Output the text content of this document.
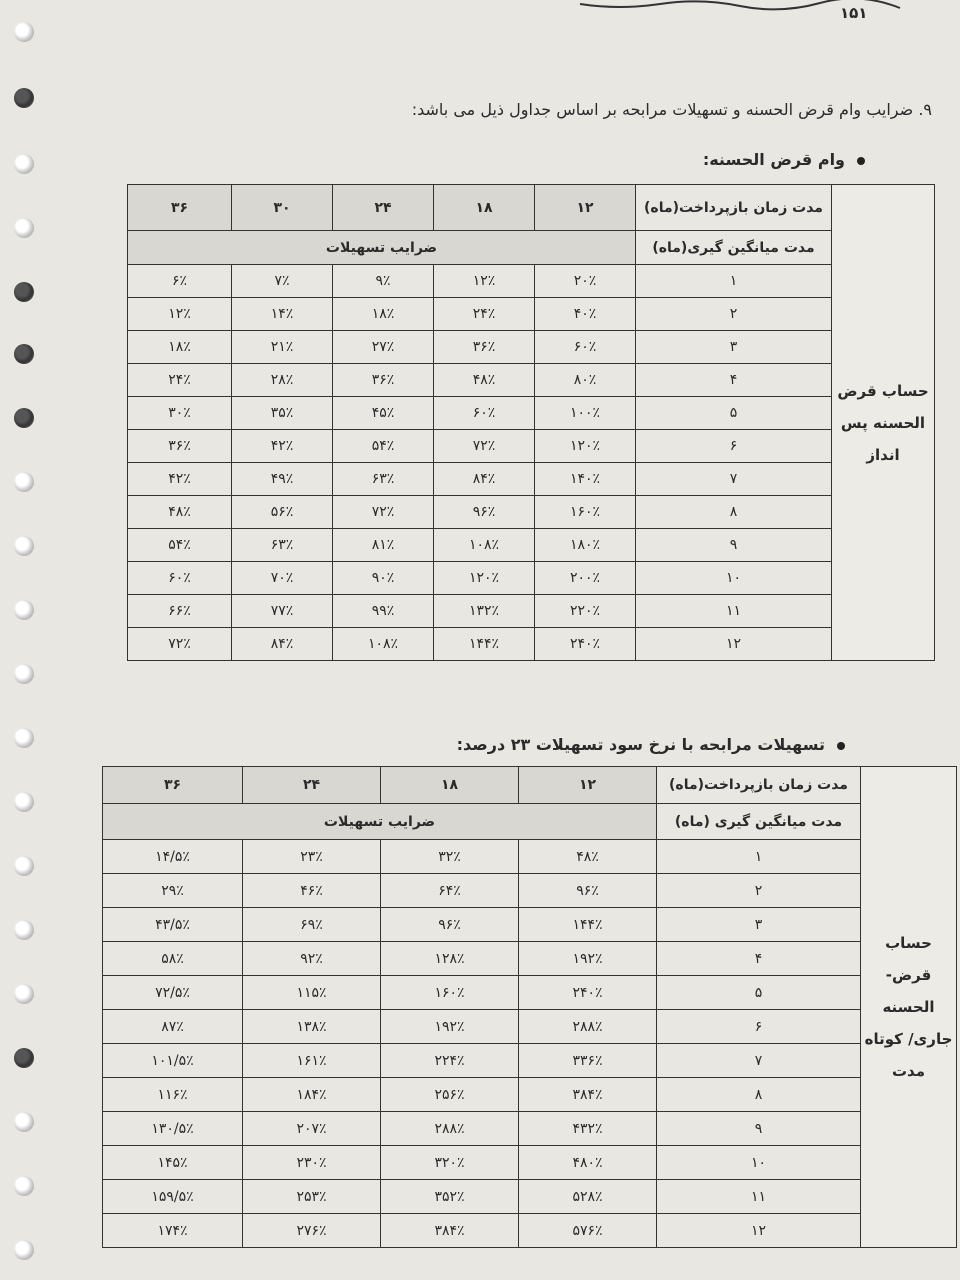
۱۵۱
۹. ضرایب وام قرض الحسنه و تسهیلات مرابحه بر اساس جداول ذیل می باشد:
وام قرض الحسنه:
حساب قرض الحسنه پس انداز	مدت زمان بازپرداخت(ماه)	۱۲	۱۸	۲۴	۳۰	۳۶
	مدت میانگین گیری(ماه)	ضرایب تسهیلات				
	۱	۲۰٪	۱۲٪	۹٪	۷٪	۶٪
	۲	۴۰٪	۲۴٪	۱۸٪	۱۴٪	۱۲٪
	۳	۶۰٪	۳۶٪	۲۷٪	۲۱٪	۱۸٪
	۴	۸۰٪	۴۸٪	۳۶٪	۲۸٪	۲۴٪
	۵	۱۰۰٪	۶۰٪	۴۵٪	۳۵٪	۳۰٪
	۶	۱۲۰٪	۷۲٪	۵۴٪	۴۲٪	۳۶٪
	۷	۱۴۰٪	۸۴٪	۶۳٪	۴۹٪	۴۲٪
	۸	۱۶۰٪	۹۶٪	۷۲٪	۵۶٪	۴۸٪
	۹	۱۸۰٪	۱۰۸٪	۸۱٪	۶۳٪	۵۴٪
	۱۰	۲۰۰٪	۱۲۰٪	۹۰٪	۷۰٪	۶۰٪
	۱۱	۲۲۰٪	۱۳۲٪	۹۹٪	۷۷٪	۶۶٪
	۱۲	۲۴۰٪	۱۴۴٪	۱۰۸٪	۸۴٪	۷۲٪
تسهیلات مرابحه با نرخ سود تسهیلات ۲۳ درصد:
حساب قرض-الحسنه جاری/ کوتاه مدت	مدت زمان بازپرداخت(ماه)	۱۲	۱۸	۲۴	۳۶
	مدت میانگین گیری (ماه)	ضرایب تسهیلات			
	۱	۴۸٪	۳۲٪	۲۳٪	۱۴/۵٪
	۲	۹۶٪	۶۴٪	۴۶٪	۲۹٪
	۳	۱۴۴٪	۹۶٪	۶۹٪	۴۳/۵٪
	۴	۱۹۲٪	۱۲۸٪	۹۲٪	۵۸٪
	۵	۲۴۰٪	۱۶۰٪	۱۱۵٪	۷۲/۵٪
	۶	۲۸۸٪	۱۹۲٪	۱۳۸٪	۸۷٪
	۷	۳۳۶٪	۲۲۴٪	۱۶۱٪	۱۰۱/۵٪
	۸	۳۸۴٪	۲۵۶٪	۱۸۴٪	۱۱۶٪
	۹	۴۳۲٪	۲۸۸٪	۲۰۷٪	۱۳۰/۵٪
	۱۰	۴۸۰٪	۳۲۰٪	۲۳۰٪	۱۴۵٪
	۱۱	۵۲۸٪	۳۵۲٪	۲۵۳٪	۱۵۹/۵٪
	۱۲	۵۷۶٪	۳۸۴٪	۲۷۶٪	۱۷۴٪
